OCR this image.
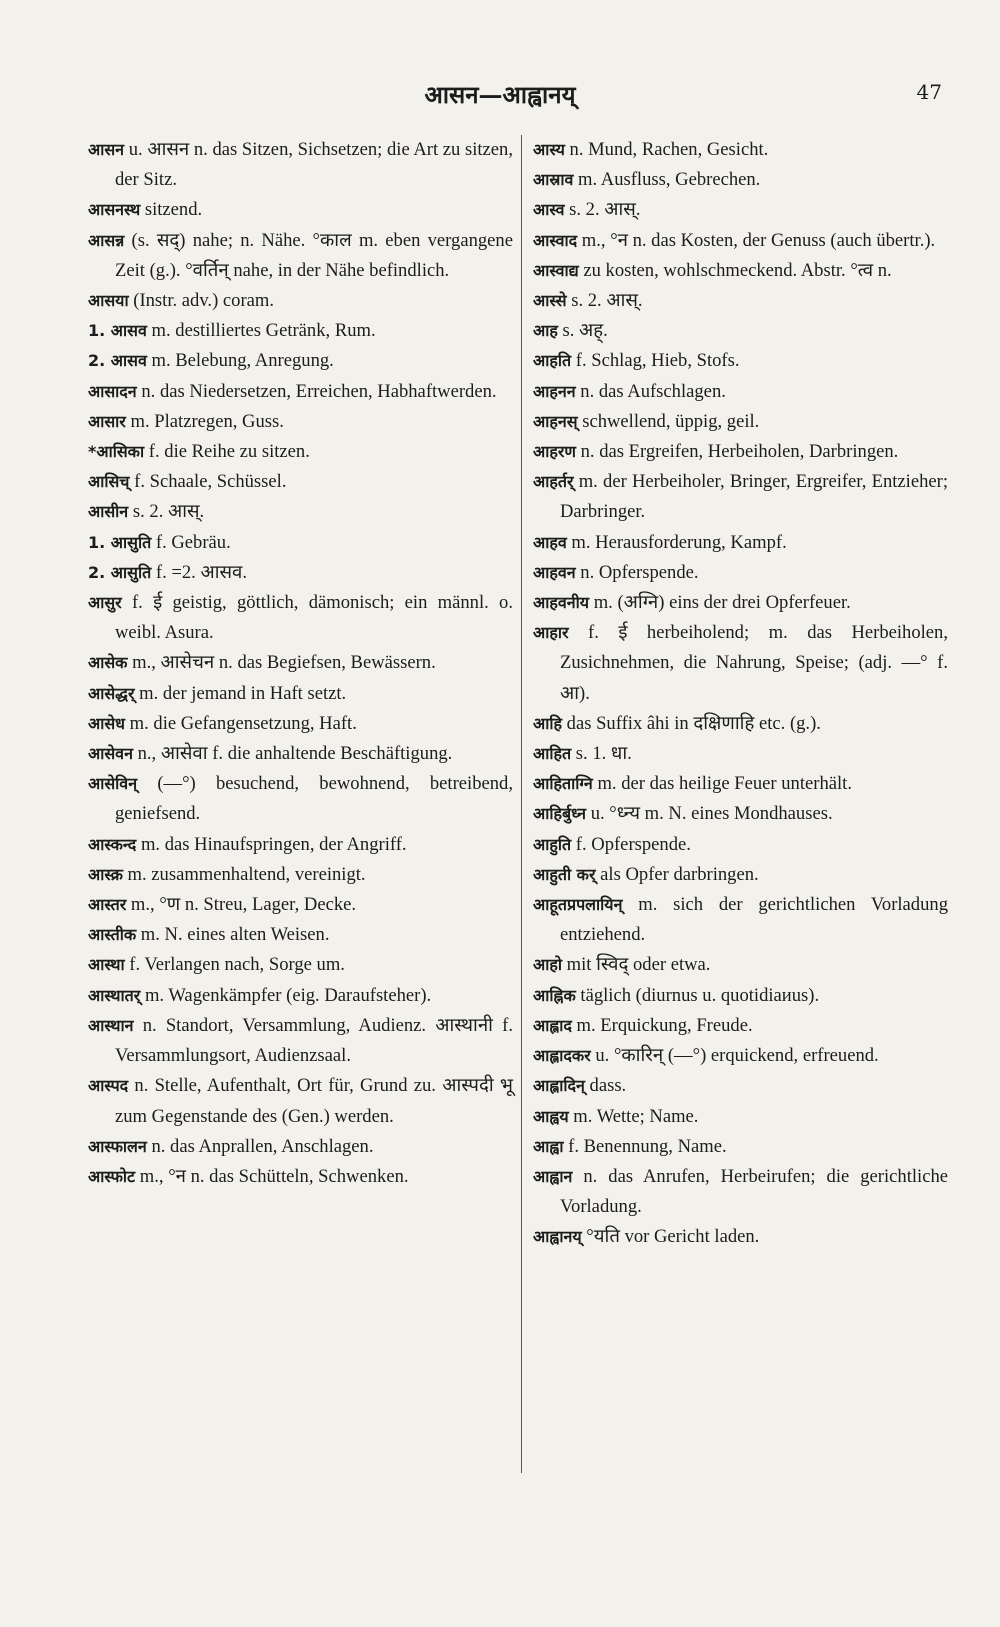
आसन—आह्वानय्	47

आसन u. आसन n. das Sitzen, Sichsetzen; die Art zu sitzen, der Sitz.

आसनस्थ sitzend.

आसन्न (s. सद्) nahe; n. Nähe. °काल m. eben vergangene Zeit (g.). °वर्तिन् nahe, in der Nähe befindlich.

आसया (Instr. adv.) coram.

1. आसव m. destilliertes Getränk, Rum.

2. आसव m. Belebung, Anregung.

आसादन n. das Niedersetzen, Erreichen, Habhaftwerden.

आसार m. Platzregen, Guss.

*आसिका f. die Reihe zu sitzen.

आसिच् f. Schaale, Schüssel.

आसीन s. 2. आस्.

1. आसुति f. Gebräu.

2. आसुति f. =2. आसव.

आसुर f. ई geistig, göttlich, dämonisch; ein männl. o. weibl. Asura.

आसेक m., आसेचन n. das Begiefsen, Bewässern.

आसेद्धर् m. der jemand in Haft setzt.

आसेध m. die Gefangensetzung, Haft.

आसेवन n., आसेवा f. die anhaltende Beschäftigung.

आसेविन् (—°) besuchend, bewohnend, betreibend, geniefsend.

आस्कन्द m. das Hinaufspringen, der Angriff.

आस्क्र m. zusammenhaltend, vereinigt.

आस्तर m., °ण n. Streu, Lager, Decke.

आस्तीक m. N. eines alten Weisen.

आस्था f. Verlangen nach, Sorge um.

आस्थातर् m. Wagenkämpfer (eig. Daraufsteher).

आस्थान n. Standort, Versammlung, Audienz. आस्थानी f. Versammlungsort, Audienzsaal.

आस्पद n. Stelle, Aufenthalt, Ort für, Grund zu. आस्पदी भू zum Gegenstande des (Gen.) werden.

आस्फालन n. das Anprallen, Anschlagen.

आस्फोट m., °न n. das Schütteln, Schwenken.

आस्य n. Mund, Rachen, Gesicht.

आस्राव m. Ausfluss, Gebrechen.

आस्व s. 2. आस्.

आस्वाद m., °न n. das Kosten, der Genuss (auch übertr.).

आस्वाद्य zu kosten, wohlschmeckend. Abstr. °त्व n.

आस्से s. 2. आस्.

आह s. अह्.

आहति f. Schlag, Hieb, Stofs.

आहनन n. das Aufschlagen.

आहनस् schwellend, üppig, geil.

आहरण n. das Ergreifen, Herbeiholen, Darbringen.

आहर्तर् m. der Herbeiholer, Bringer, Ergreifer, Entzieher; Darbringer.

आहव m. Herausforderung, Kampf.

आहवन n. Opferspende.

आहवनीय m. (अग्नि) eins der drei Opferfeuer.

आहार f. ई herbeiholend; m. das Herbeiholen, Zusichnehmen, die Nahrung, Speise; (adj. —° f. आ).

आहि das Suffix âhi in दक्षिणाहि etc. (g.).

आहित s. 1. धा.

आहिताग्नि m. der das heilige Feuer unterhält.

आहिर्बुध्न u. °ध्न्य m. N. eines Mondhauses.

आहुति f. Opferspende.

आहुती कर् als Opfer darbringen.

आहूतप्रपलायिन् m. sich der gerichtlichen Vorladung entziehend.

आहो mit स्विद् oder etwa.

आह्निक täglich (diurnus u. quotidiaиus).

आह्लाद m. Erquickung, Freude.

आह्लादकर u. °कारिन् (—°) erquickend, erfreuend.

आह्लादिन् dass.

आह्वय m. Wette; Name.

आह्वा f. Benennung, Name.

आह्वान n. das Anrufen, Herbeirufen; die gerichtliche Vorladung.

आह्वानय् °यति vor Gericht laden.
